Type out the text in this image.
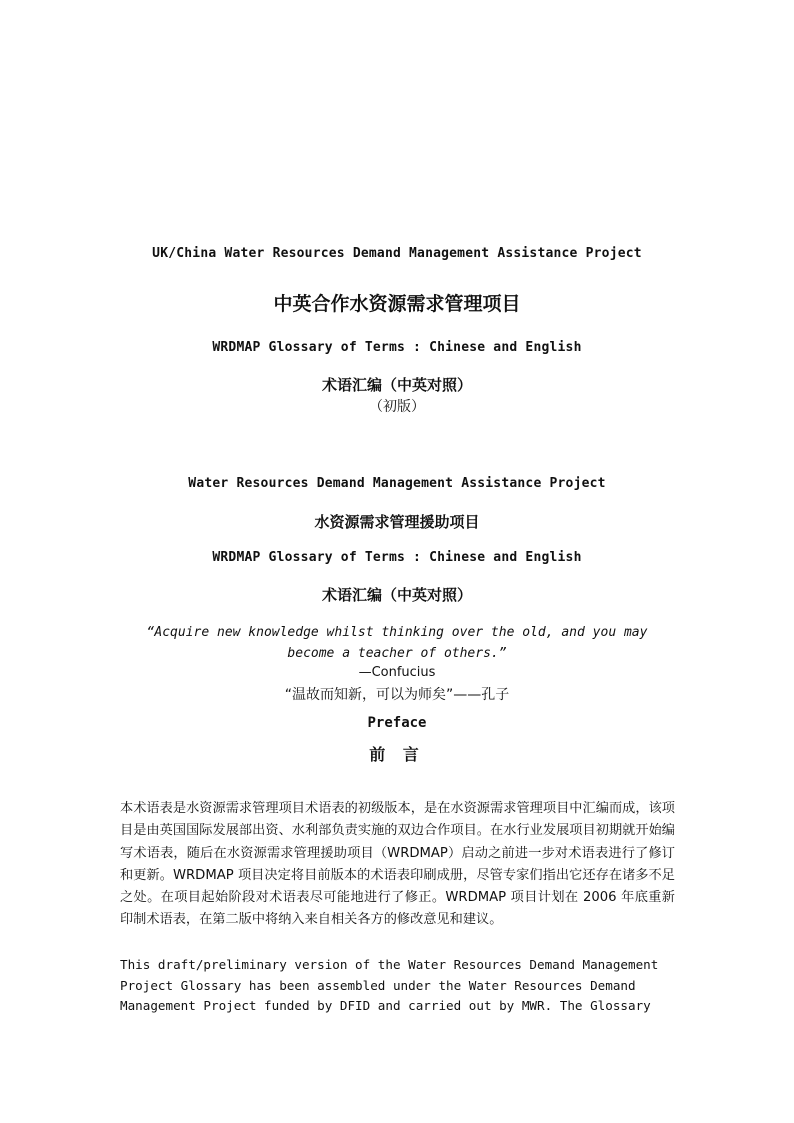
UK/China Water Resources Demand Management Assistance Project
中英合作水资源需求管理项目
WRDMAP Glossary of Terms : Chinese and English
术语汇编（中英对照）
（初版）
Water Resources Demand Management Assistance Project
水资源需求管理援助项目
WRDMAP Glossary of Terms : Chinese and English
术语汇编（中英对照）
“Acquire new knowledge whilst thinking over the old, and you may
become a teacher of others.”
—Confucius
“温故而知新，可以为师矣”——孔子
Preface
前 言
本术语表是水资源需求管理项目术语表的初级版本，是在水资源需求管理项目中汇编而成，该项目是由英国国际发展部出资、水利部负责实施的双边合作项目。在水行业发展项目初期就开始编写术语表，随后在水资源需求管理援助项目（WRDMAP）启动之前进一步对术语表进行了修订和更新。WRDMAP 项目决定将目前版本的术语表印刷成册，尽管专家们指出它还存在诸多不足之处。在项目起始阶段对术语表尽可能地进行了修正。WRDMAP 项目计划在 2006 年底重新印制术语表，在第二版中将纳入来自相关各方的修改意见和建议。
This draft/preliminary version of the Water Resources Demand Management Project Glossary has been assembled under the Water Resources Demand Management Project funded by DFID and carried out by MWR. The Glossary
